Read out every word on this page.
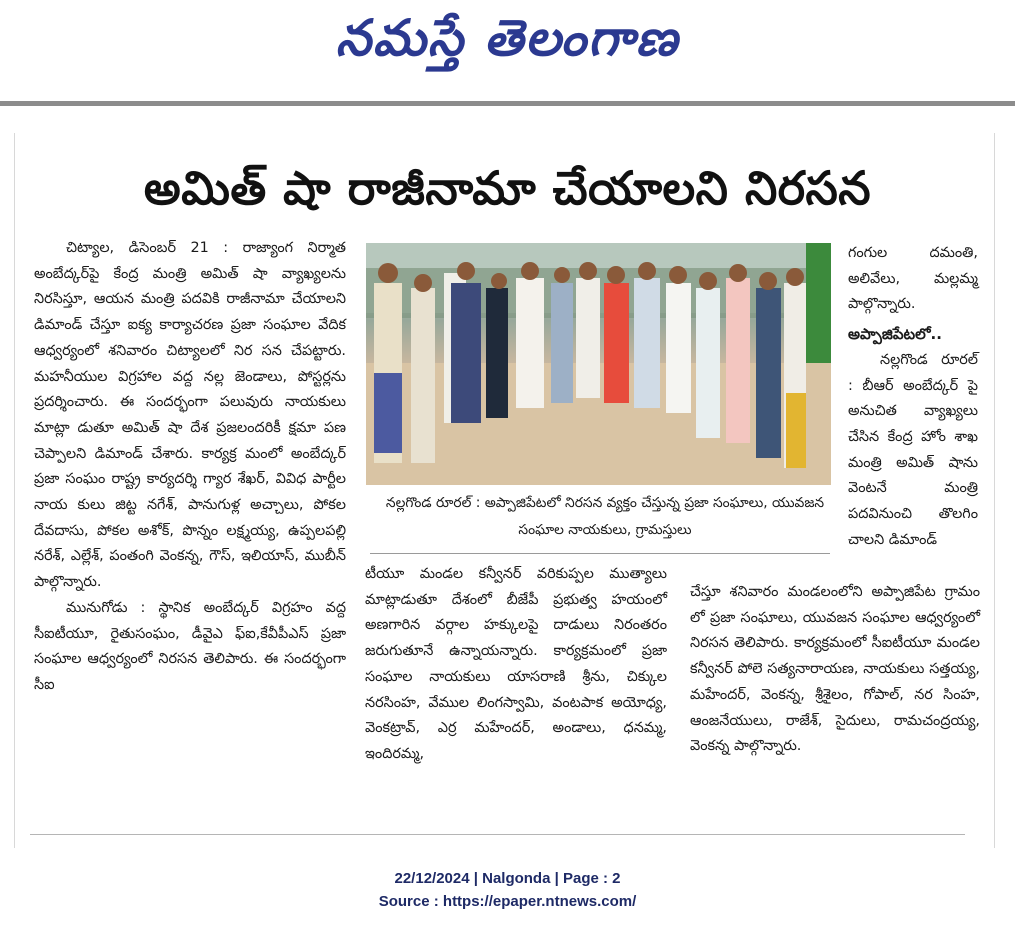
నమస్తే తెలంగాణ
అమిత్ షా రాజీనామా చేయాలని నిరసన

చిట్యాల, డిసెంబర్ 21 : రాజ్యాంగ నిర్మాత అంబేద్కర్‌పై కేంద్ర మంత్రి అమిత్ షా వ్యాఖ్యలను నిరసిస్తూ, ఆయన మంత్రి పదవికి రాజీనామా చేయాలని డిమాండ్ చేస్తూ ఐక్య కార్యాచరణ ప్రజా సంఘాల వేదిక ఆధ్వర్యంలో శనివారం చిట్యాలలో నిర సన చేపట్టారు. మహనీయుల విగ్రహాల వద్ద నల్ల జెండాలు, పోస్టర్లను ప్రదర్శించారు. ఈ సందర్భంగా పలువురు నాయకులు మాట్లా డుతూ అమిత్ షా దేశ ప్రజలందరికీ క్షమా పణ చెప్పాలని డిమాండ్ చేశారు. కార్యక్ర మంలో అంబేద్కర్ ప్రజా సంఘం రాష్ట్ర కార్యదర్శి గ్యార శేఖర్, వివిధ పార్టీల నాయ కులు జిట్ట నగేశ్, పానుగుళ్ల అచ్చాలు, పోకల దేవదాసు, పోకల అశోక్, పొన్నం లక్ష్మయ్య, ఉప్పలపల్లి నరేశ్, ఎల్లేశ్, పంతంగి వెంకన్న, గౌస్, ఇలియాస్, ముబీన్ పాల్గొన్నారు.

మునుగోడు : స్థానిక అంబేద్కర్ విగ్రహం వద్ద సీఐటీయూ, రైతుసంఘం, డీవైఎ ఫ్‌ఐ,కేవీపీఎస్ ప్రజా సంఘాల ఆధ్వర్యంలో నిరసన తెలిపారు. ఈ సందర్భంగా సీఐ

నల్లగొండ రూరల్ : అప్పాజిపేటలో నిరసన వ్యక్తం చేస్తున్న ప్రజా సంఘాలు, యువజన సంఘాల నాయకులు, గ్రామస్తులు

గంగుల దమంతి, అలివేలు, మల్లమ్మ పాల్గొన్నారు.

అప్పాజిపేటలో..

నల్లగొండ రూరల్ : బీఆర్ అంబేద్కర్ పై అనుచిత వ్యాఖ్యలు చేసిన కేంద్ర హోం శాఖ మంత్రి అమిత్ షాను వెంటనే మంత్రి పదవినుంచి తొలగిం చాలని డిమాండ్

టీయూ మండల కన్వీనర్ వరికుప్పల ముత్యాలు మాట్లాడుతూ దేశంలో బీజేపీ ప్రభుత్వ హయంలో అణగారిన వర్గాల హక్కులపై దాడులు నిరంతరం జరుగుతూనే ఉన్నాయన్నారు. కార్యక్రమంలో ప్రజా సంఘాల నాయకులు యాసరాణి శ్రీను, చిక్కుల నరసింహ, వేముల లింగస్వామి, వంటపాక అయోధ్య, వెంకట్రావ్, ఎర్ర మహేందర్, అండాలు, ధనమ్మ, ఇందిరమ్మ,

చేస్తూ శనివారం మండలంలోని అప్పాజిపేట గ్రామం లో ప్రజా సంఘాలు, యువజన సంఘాల ఆధ్వర్యంలో నిరసన తెలిపారు. కార్యక్రమంలో సీఐటీయూ మండల కన్వీనర్ పోలె సత్యనారాయణ, నాయకులు సత్తయ్య, మహేందర్, వెంకన్న, శ్రీశైలం, గోపాల్, నర సింహ, ఆంజనేయులు, రాజేశ్, సైదులు, రామచంద్రయ్య, వెంకన్న పాల్గొన్నారు.

22/12/2024 | Nalgonda | Page : 2
Source : https://epaper.ntnews.com/
